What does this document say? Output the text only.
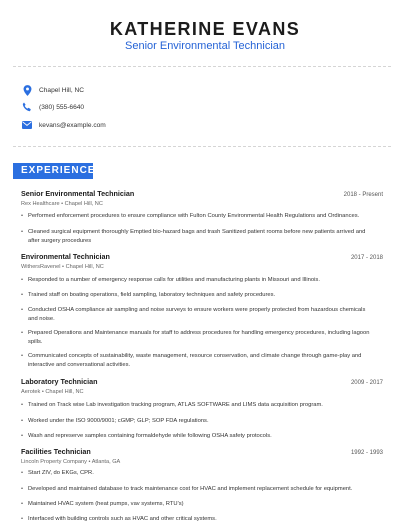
KATHERINE EVANS
Senior Environmental Technician
Chapel Hill, NC
(380) 555-6640
kevans@example.com
EXPERIENCE
Senior Environmental Technician	2018 - Present
Rex Healthcare • Chapel Hill, NC
• Performed enforcement procedures to ensure compliance with Fulton County Environmental Health Regulations and Ordinances.
• Cleaned surgical equipment thoroughly Emptied bio-hazard bags and trash Sanitized patient rooms before new patients arrived and after surgery procedures
Environmental Technician	2017 - 2018
WithersRavenel • Chapel Hill, NC
• Responded to a number of emergency response calls for utilities and manufacturing plants in Missouri and Illinois.
• Trained staff on boating operations, field sampling, laboratory techniques and safety procedures.
• Conducted OSHA compliance air sampling and noise surveys to ensure workers were properly protected from hazardous chemicals and noise.
• Prepared Operations and Maintenance manuals for staff to address procedures for handling emergency procedures, including lagoon spills.
• Communicated concepts of sustainability, waste management, resource conservation, and climate change through game-play and interactive and conversational activities.
Laboratory Technician	2009 - 2017
Aerotek • Chapel Hill, NC
• Trained on Track wise Lab investigation tracking program, ATLAS SOFTWARE and LIMS data acquisition program.
• Worked under the ISO 9000/9001; cGMP; GLP; SOP FDA regulations.
• Wash and represerve samples containing formaldehyde while following OSHA safety protocols.
Facilities Technician	1992 - 1993
Lincoln Property Company • Atlanta, GA
• Start ZIV, do EKGs, CPR.
• Developed and maintained database to track maintenance cost for HVAC and implement replacement schedule for equipment.
• Maintained HVAC system (heat pumps, vav systems, RTU's)
• Interfaced with building controls such as HVAC and other critical systems.
